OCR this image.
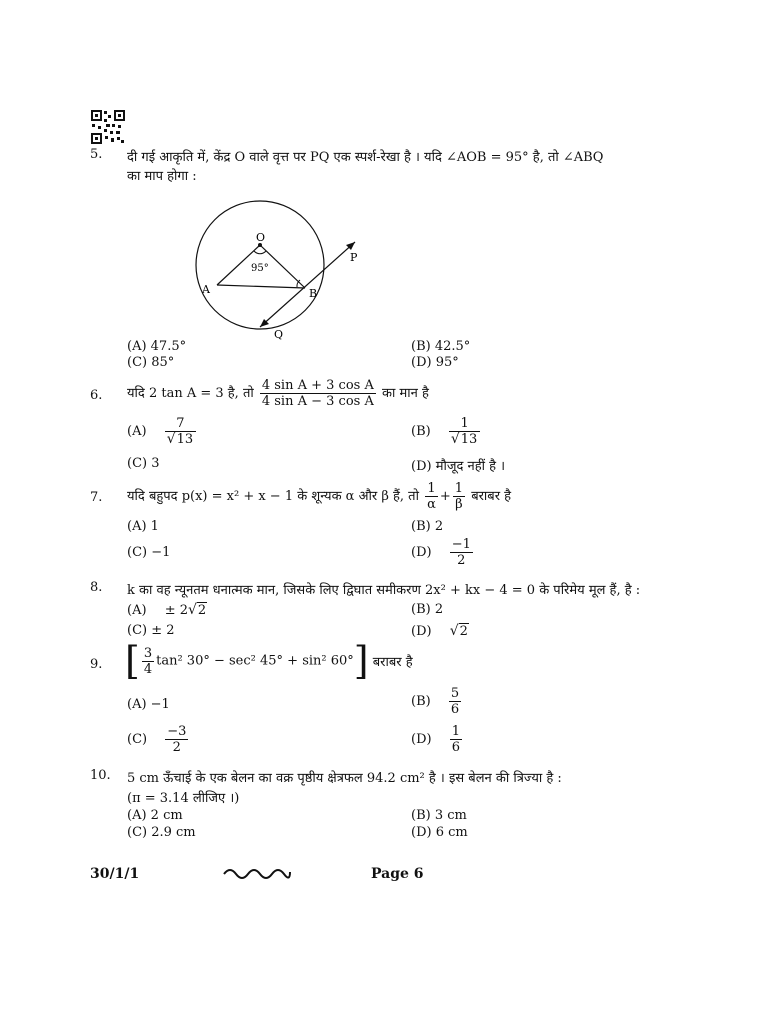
5. दी गई आकृति में, केंद्र O वाले वृत्त पर PQ एक स्पर्श-रेखा है । यदि ∠AOB = 95° है, तो ∠ABQ
का माप होगा :
O
95°
A	B
P
Q
(A) 47.5°	(B) 42.5°
(C) 85°	(D) 95°
6. यदि 2 tan A = 3 है, तो $\frac{\text{4 sin A + 3 cos A}}{\text{4 sin A − 3 cos A}}$ का मान है
$(A) \frac{7}{√13}$	$(B) \frac{1}{√13}$
(C) 3	(D) मौजूद नहीं है ।
7. यदि बहुपद p(x) = x² + x − 1 के शून्यक α और β हैं, तो $\frac{1}{\alpha} + \frac{1}{\beta}$ बराबर है
(A) 1	(B) 2
(C) −1	$(D) \frac{-1}{2}$
8. k का वह न्यूनतम धनात्मक मान, जिसके लिए द्विघात समीकरण 2x² + kx − 4 = 0 के परिमेय मूल हैं, है :
(A) ± 2√2	(B) 2
(C) ± 2	(D) √2
9. [ $\frac{3}{4} \tan^2$ 30° − sec² 45° + sin² 60°] बराबर है
(A) −1	$(B) \frac{5}{6}$
$(C) \frac{-3}{2}$	$(D) \frac{1}{6}$
10. 5 cm ऊँचाई के एक बेलन का वक्र पृष्ठीय क्षेत्रफल 94.2 cm² है । इस बेलन की त्रिज्या है :
(π = 3.14 लीजिए ।)
(A) 2 cm	(B) 3 cm
(C) 2.9 cm	(D) 6 cm
30/1/1	Page 6
